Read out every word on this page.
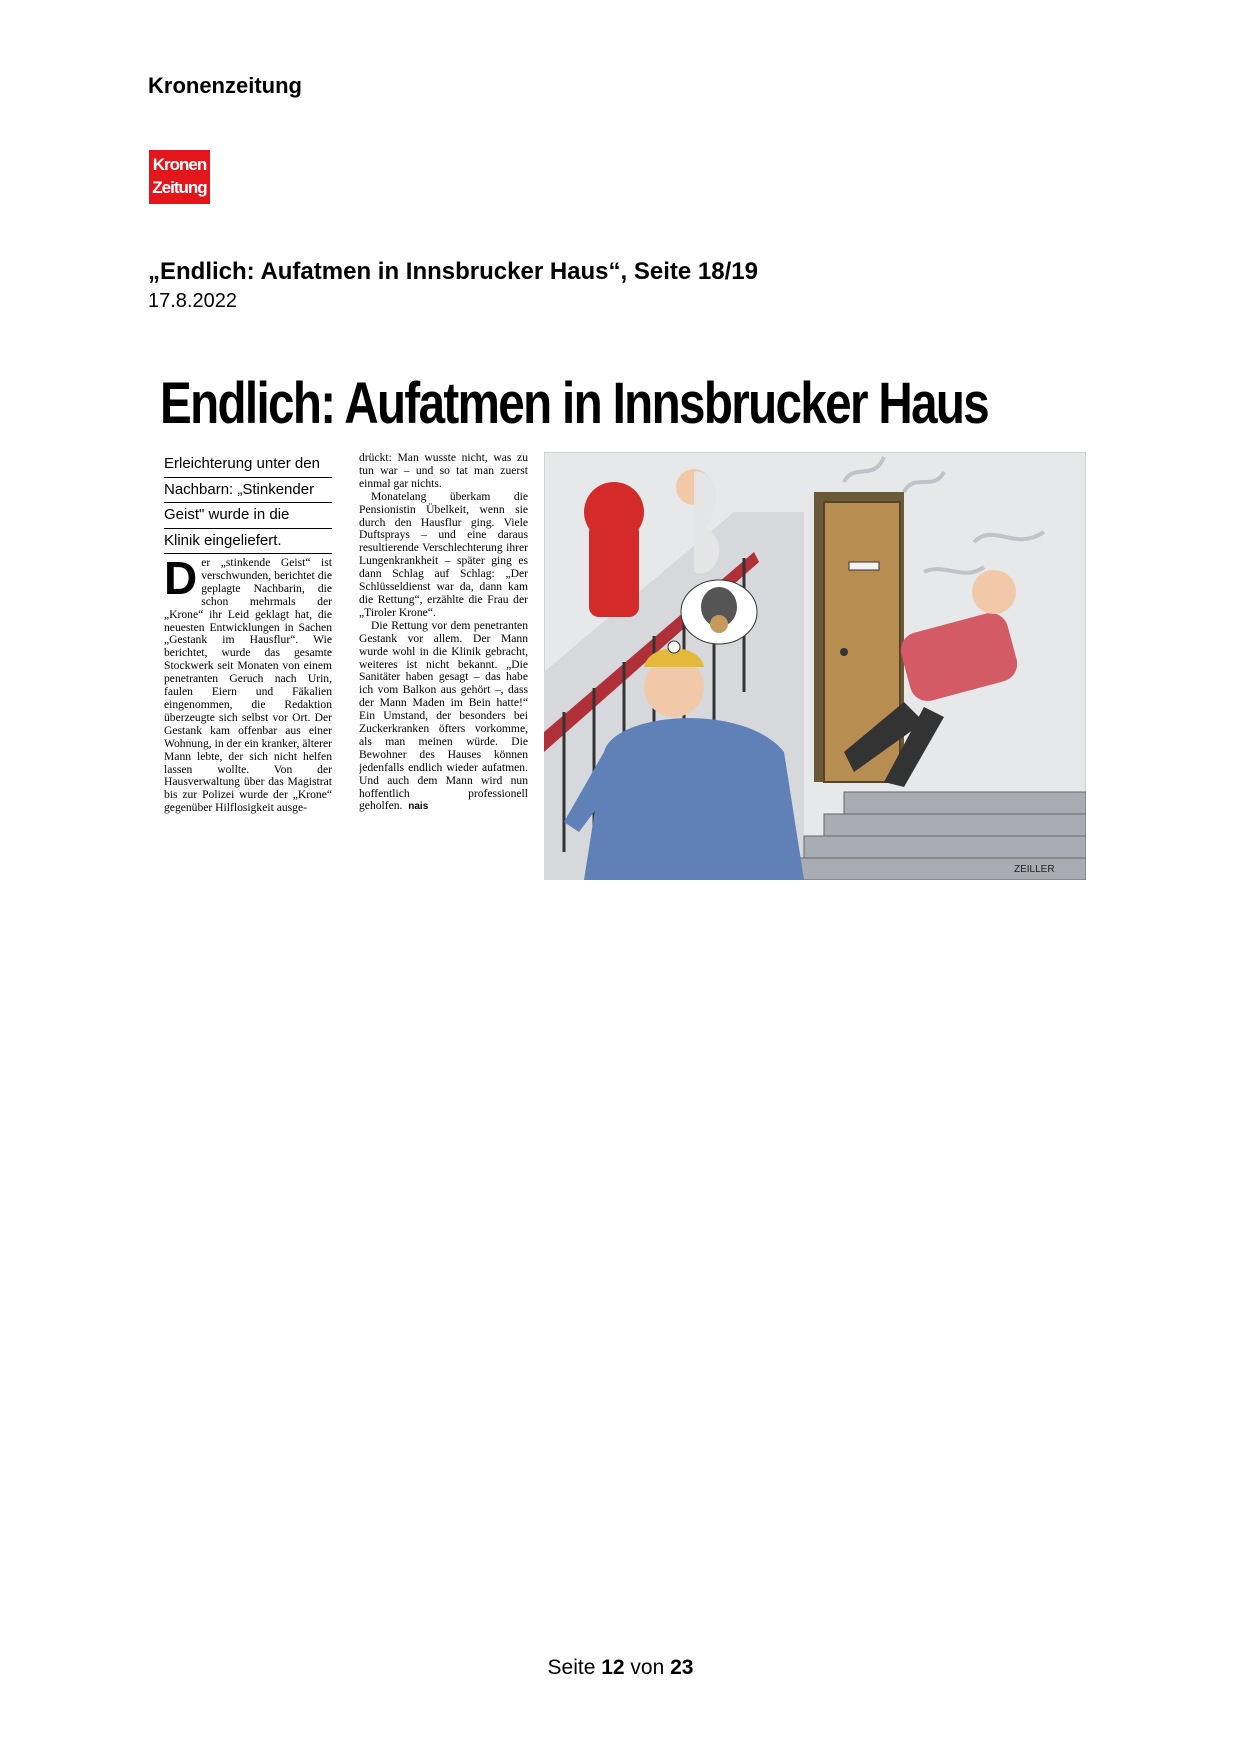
Kronenzeitung
Kronen
Zeitung
„Endlich: Aufatmen in Innsbrucker Haus“, Seite 18/19
17.8.2022
Endlich: Aufatmen in Innsbrucker Haus
Erleichterung unter den
Nachbarn: „Stinkender
Geist" wurde in die
Klinik eingeliefert.
D er „stinkende Geist“ ist verschwunden, berichtet die geplagte Nachbarin, die schon mehrmals der „Krone“ ihr Leid geklagt hat, die neuesten Entwicklungen in Sachen „Gestank im Hausflur“. Wie berichtet, wurde das gesamte Stockwerk seit Monaten von einem penetranten Geruch nach Urin, faulen Eiern und Fäkalien eingenommen, die Redaktion überzeugte sich selbst vor Ort. Der Gestank kam offenbar aus einer Wohnung, in der ein kranker, älterer Mann lebte, der sich nicht helfen lassen wollte. Von der Hausverwaltung über das Magistrat bis zur Polizei wurde der „Krone“ gegenüber Hilflosigkeit ausge-

drückt: Man wusste nicht, was zu tun war – und so tat man zuerst einmal gar nichts.

Monatelang überkam die Pensionistin Übelkeit, wenn sie durch den Hausflur ging. Viele Duftsprays – und eine daraus resultierende Verschlechterung ihrer Lungenkrankheit – später ging es dann Schlag auf Schlag: „Der Schlüsseldienst war da, dann kam die Rettung“, erzählte die Frau der „Tiroler Krone“.

Die Rettung vor dem penetranten Gestank vor allem. Der Mann wurde wohl in die Klinik gebracht, weiteres ist nicht bekannt. „Die Sanitäter haben gesagt – das habe ich vom Balkon aus gehört –, dass der Mann Maden im Bein hatte!“ Ein Umstand, der besonders bei Zuckerkranken öfters vorkomme, als man meinen würde. Die Bewohner des Hauses können jedenfalls endlich wieder aufatmen. Und auch dem Mann wird nun hoffentlich professionell geholfen. nais

ZEILLER
Seite 12 von 23
